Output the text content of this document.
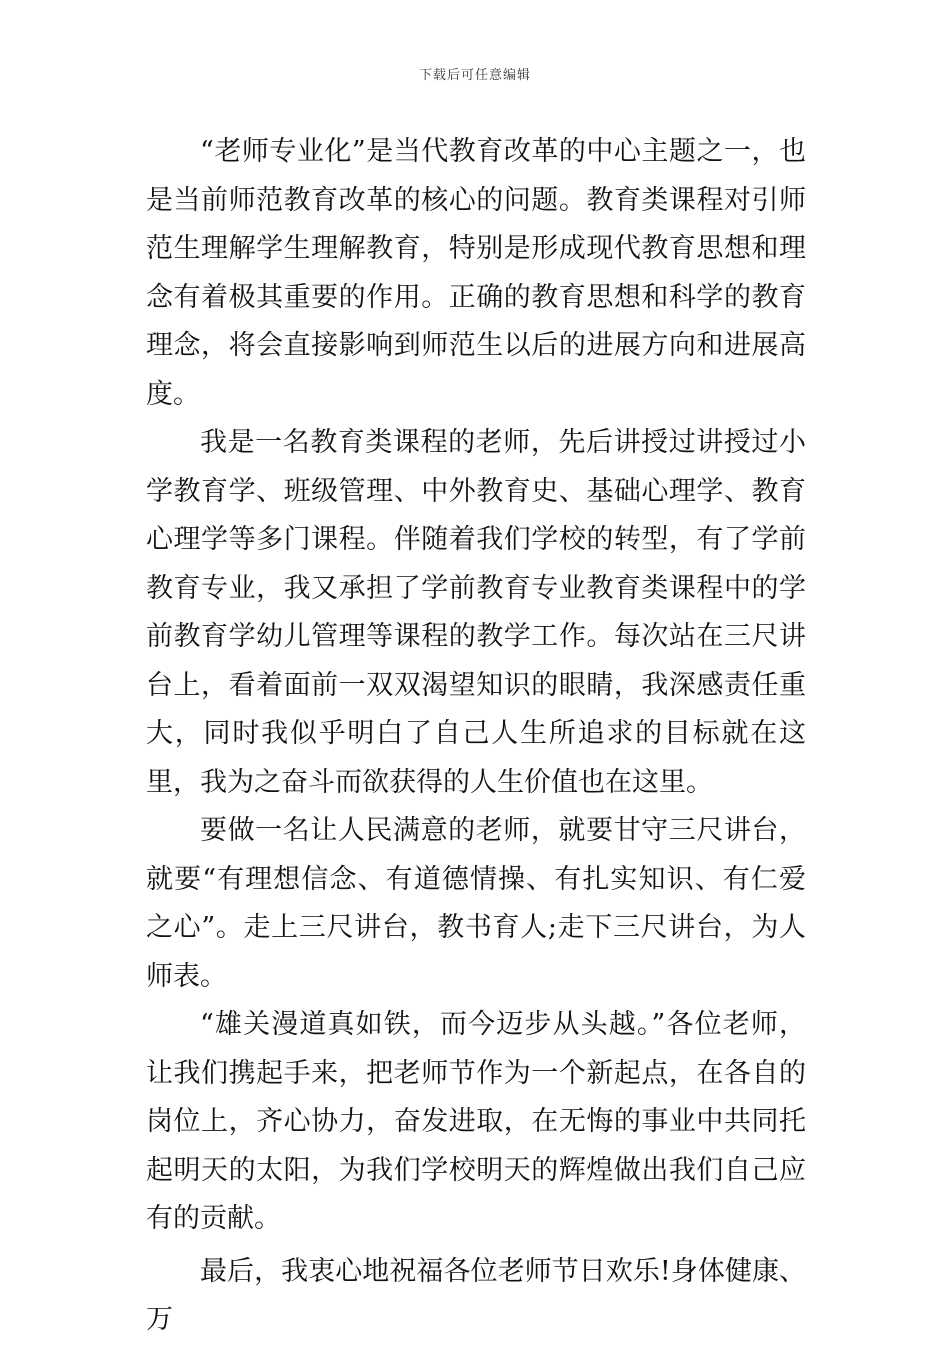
下载后可任意编辑

“老师专业化”是当代教育改革的中心主题之一，也是当前师范教育改革的核心的问题。教育类课程对引师范生理解学生理解教育，特别是形成现代教育思想和理念有着极其重要的作用。正确的教育思想和科学的教育理念，将会直接影响到师范生以后的进展方向和进展高度。

我是一名教育类课程的老师，先后讲授过讲授过小学教育学、班级管理、中外教育史、基础心理学、教育心理学等多门课程。伴随着我们学校的转型，有了学前教育专业，我又承担了学前教育专业教育类课程中的学前教育学幼儿管理等课程的教学工作。每次站在三尺讲台上，看着面前一双双渴望知识的眼睛，我深感责任重大，同时我似乎明白了自己人生所追求的目标就在这里，我为之奋斗而欲获得的人生价值也在这里。

要做一名让人民满意的老师，就要甘守三尺讲台，就要“有理想信念、有道德情操、有扎实知识、有仁爱之心”。走上三尺讲台，教书育人;走下三尺讲台，为人师表。

“雄关漫道真如铁，而今迈步从头越。”各位老师，让我们携起手来，把老师节作为一个新起点，在各自的岗位上，齐心协力，奋发进取，在无悔的事业中共同托起明天的太阳，为我们学校明天的辉煌做出我们自己应有的贡献。

最后，我衷心地祝福各位老师节日欢乐!身体健康、万
